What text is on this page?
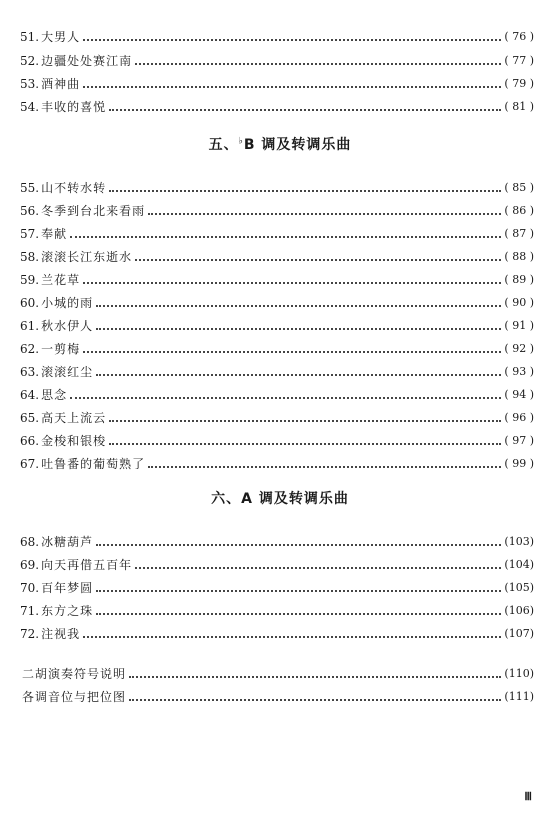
51. 大男人	( 76 )
52. 边疆处处赛江南	( 77 )
53. 酒神曲	( 79 )
54. 丰收的喜悦	( 81 )
五、♭B 调及转调乐曲
55. 山不转水转	( 85 )
56. 冬季到台北来看雨	( 86 )
57. 奉献	( 87 )
58. 滚滚长江东逝水	( 88 )
59. 兰花草	( 89 )
60. 小城的雨	( 90 )
61. 秋水伊人	( 91 )
62. 一剪梅	( 92 )
63. 滚滚红尘	( 93 )
64. 思念	( 94 )
65. 高天上流云	( 96 )
66. 金梭和银梭	( 97 )
67. 吐鲁番的葡萄熟了	( 99 )
六、A 调及转调乐曲
68. 冰糖葫芦	(103)
69. 向天再借五百年	(104)
70. 百年梦圆	(105)
71. 东方之珠	(106)
72. 注视我	(107)
二胡演奏符号说明	(110)
各调音位与把位图	(111)
Ⅲ
